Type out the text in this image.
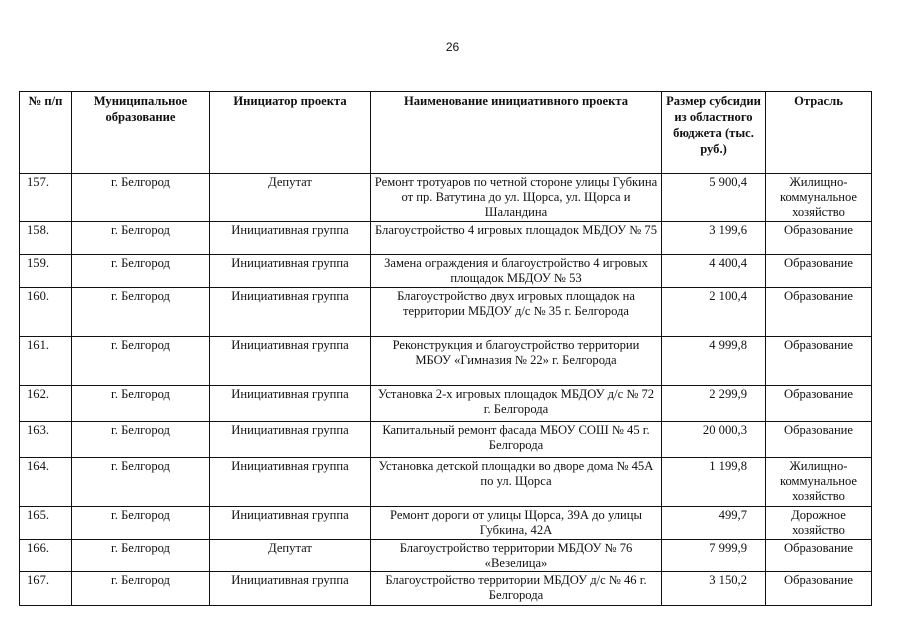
26
№ п/п	Муниципальное образование	Инициатор проекта	Наименование инициативного проекта	Размер субсидии из областного бюджета (тыс. руб.)	Отрасль
157.	г. Белгород	Депутат	Ремонт тротуаров по четной стороне улицы Губкина от пр. Ватутина до ул. Щорса, ул. Щорса и Шаландина	5 900,4	Жилищно-коммунальное хозяйство
158.	г. Белгород	Инициативная группа	Благоустройство 4 игровых площадок МБДОУ № 75	3 199,6	Образование
159.	г. Белгород	Инициативная группа	Замена ограждения и благоустройство 4 игровых площадок МБДОУ № 53	4 400,4	Образование
160.	г. Белгород	Инициативная группа	Благоустройство двух игровых площадок на территории МБДОУ д/с № 35 г. Белгорода	2 100,4	Образование
161.	г. Белгород	Инициативная группа	Реконструкция и благоустройство территории МБОУ «Гимназия № 22» г. Белгорода	4 999,8	Образование
162.	г. Белгород	Инициативная группа	Установка 2-х игровых площадок МБДОУ д/с № 72 г. Белгорода	2 299,9	Образование
163.	г. Белгород	Инициативная группа	Капитальный ремонт фасада МБОУ СОШ № 45 г. Белгорода	20 000,3	Образование
164.	г. Белгород	Инициативная группа	Установка детской площадки во дворе дома № 45А по ул. Щорса	1 199,8	Жилищно-коммунальное хозяйство
165.	г. Белгород	Инициативная группа	Ремонт дороги от улицы Щорса, 39А до улицы Губкина, 42А	499,7	Дорожное хозяйство
166.	г. Белгород	Депутат	Благоустройство территории МБДОУ № 76 «Везелица»	7 999,9	Образование
167.	г. Белгород	Инициативная группа	Благоустройство территории МБДОУ д/с № 46 г. Белгорода	3 150,2	Образование
